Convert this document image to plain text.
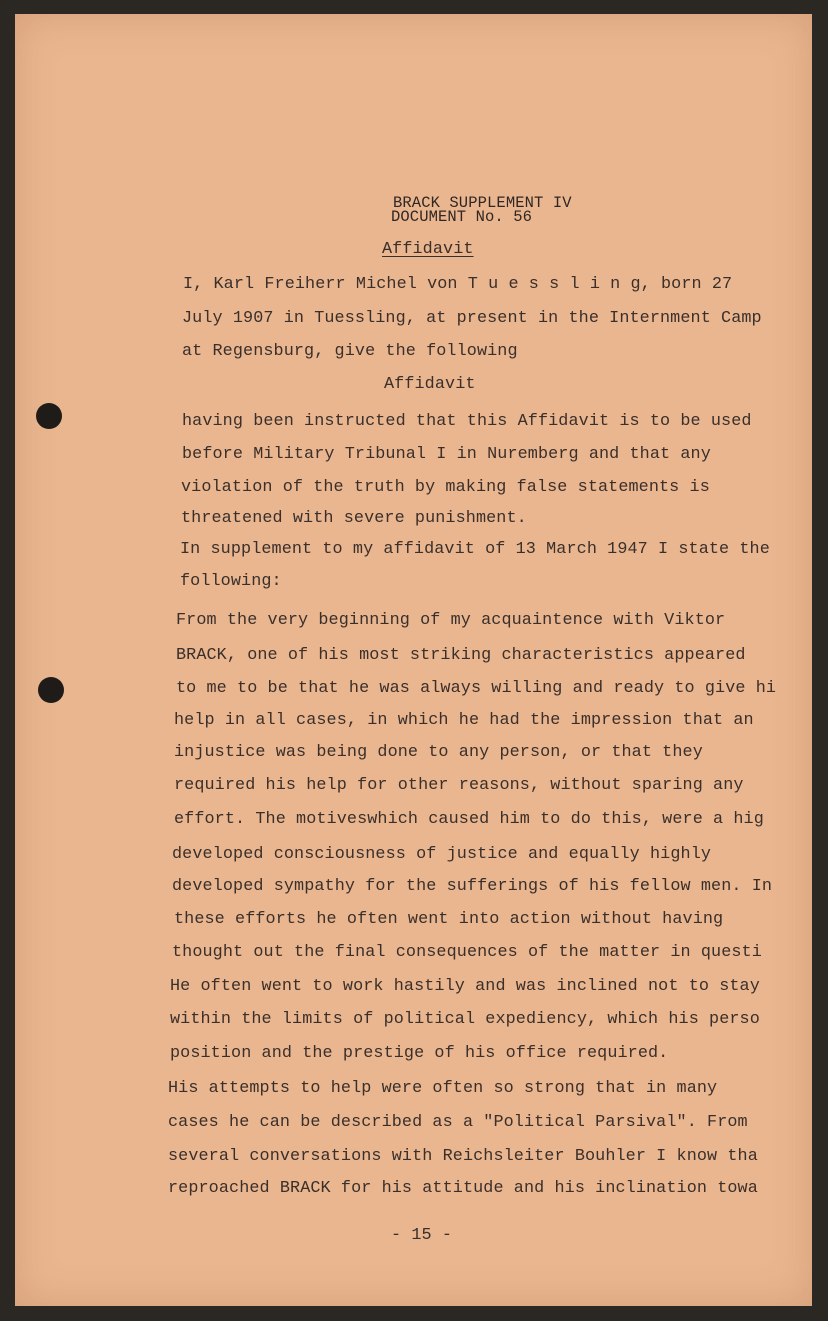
BRACK SUPPLEMENT IV
DOCUMENT No. 56
Affidavit
I, Karl Freiherr Michel von T u e s s l i n g, born 27
July 1907 in Tuessling, at present in the Internment Camp
at Regensburg, give the following
Affidavit
having been instructed that this Affidavit is to be used
before Military Tribunal I in Nuremberg and that any
violation of the truth by making false statements is
threatened with severe punishment.
In supplement to my affidavit of 13 March 1947 I state the
following:
From the very beginning of my acquaintence with Viktor
BRACK, one of his most striking characteristics appeared
to me to be that he was always willing and ready to give hi
help in all cases, in which he had the impression that an
injustice was being done to any person, or that they
required his help for other reasons, without sparing any
effort. The motiveswhich caused him to do this, were a hig
developed consciousness of justice and equally highly
developed sympathy for the sufferings of his fellow men. In
these efforts he often went into action without having
thought out the final consequences of the matter in questi
He often went to work hastily and was inclined not to stay
within the limits of political expediency, which his perso
position and the prestige of his office required.
His attempts to help were often so strong that in many
cases he can be described as a "Political Parsival". From
several conversations with Reichsleiter Bouhler I know tha
reproached BRACK for his attitude and his inclination towa
- 15 -
